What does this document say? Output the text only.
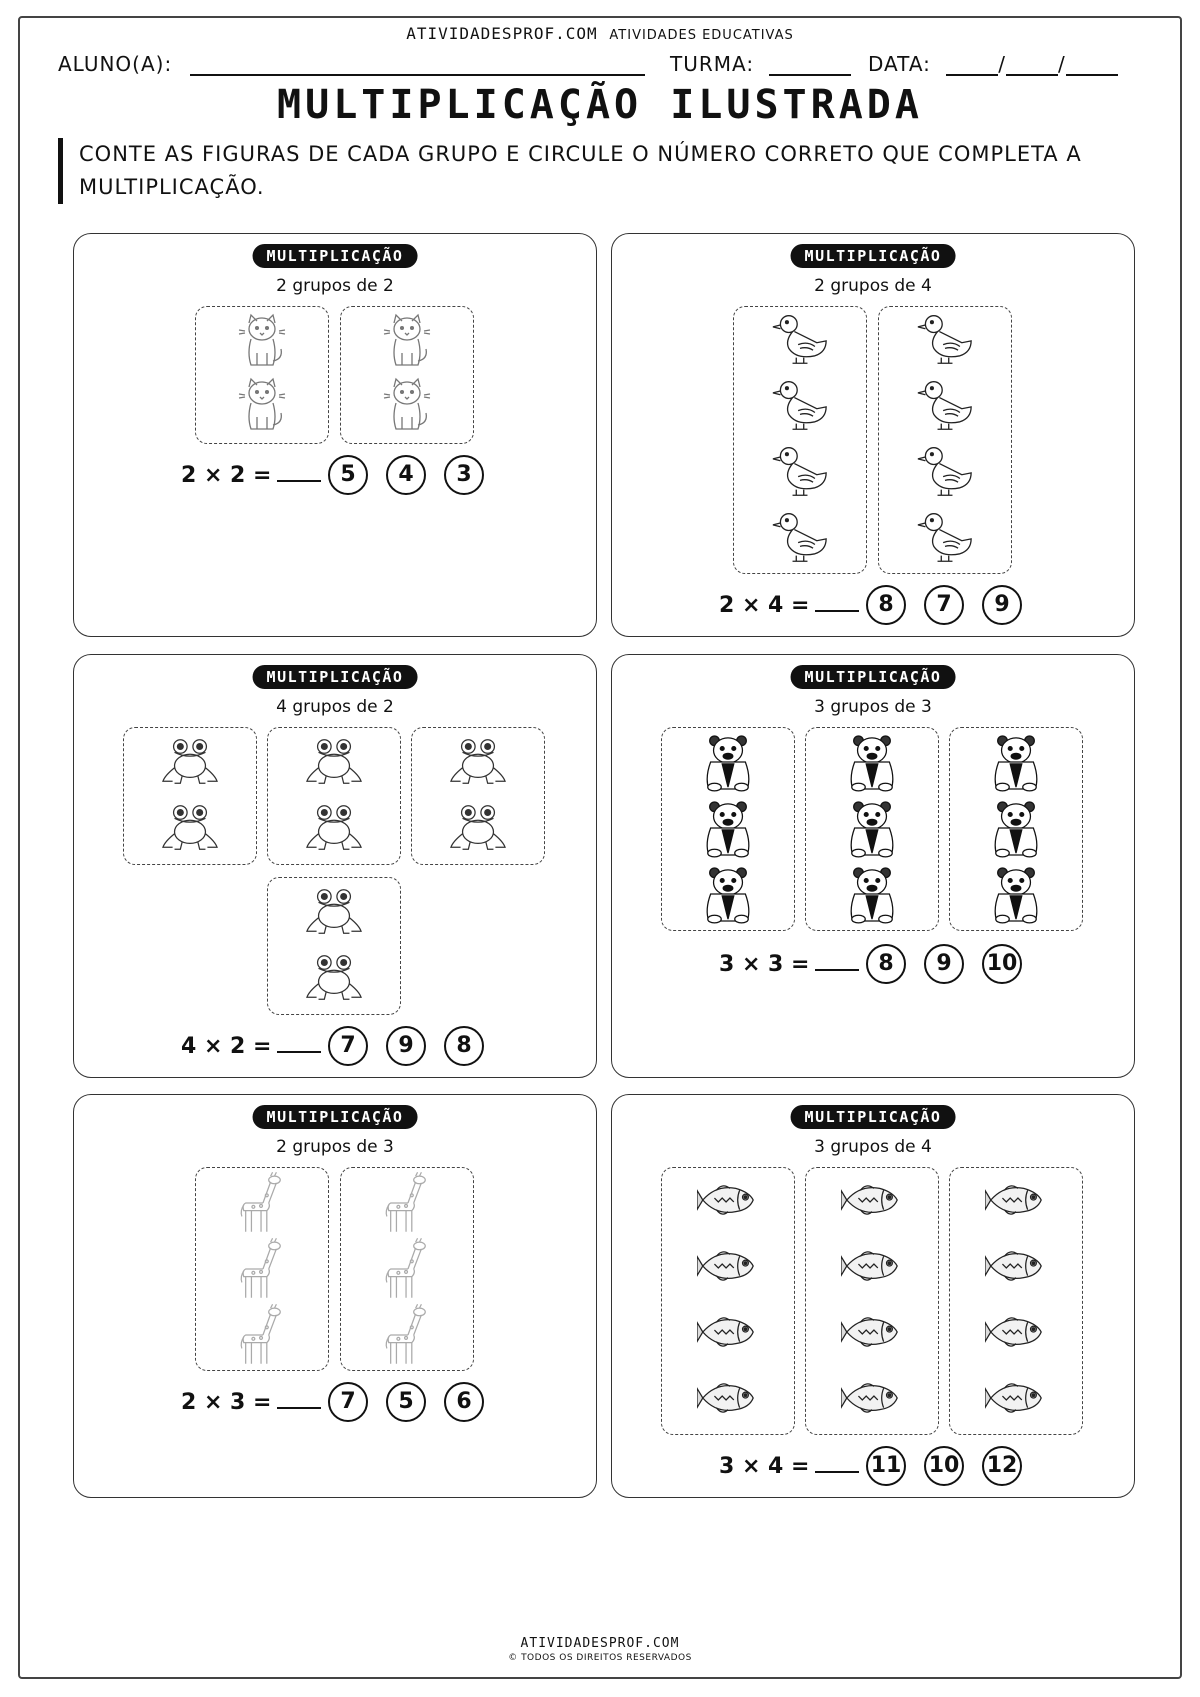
ATIVIDADESPROF.COM ATIVIDADES EDUCATIVAS
ALUNO(A):	TURMA:	DATA:	/	/
MULTIPLICAÇÃO ILUSTRADA
CONTE AS FIGURAS DE CADA GRUPO E CIRCULE O NÚMERO CORRETO QUE COMPLETA A MULTIPLICAÇÃO.
MULTIPLICAÇÃO
2 grupos de 2
2 × 2 =	5	4	3
MULTIPLICAÇÃO
2 grupos de 4
2 × 4 =	8	7	9
MULTIPLICAÇÃO
4 grupos de 2
4 × 2 =	7	9	8
MULTIPLICAÇÃO
3 grupos de 3
3 × 3 =	8	9	10
MULTIPLICAÇÃO
2 grupos de 3
2 × 3 =	7	5	6
MULTIPLICAÇÃO
3 grupos de 4
3 × 4 =	11 10 12
ATIVIDADESPROF.COM
© TODOS OS DIREITOS RESERVADOS
